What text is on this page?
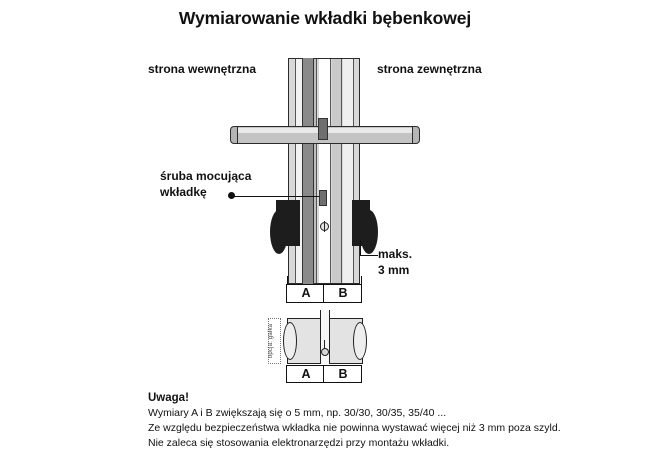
Wymiarowanie wkładki bębenkowej
strona wewnętrzna	strona zewnętrzna
śruba mocująca
wkładkę
maks.
3 mm
A	B
opcja: gałka
A	B
Uwaga!
Wymiary A i B zwiększają się o 5 mm, np. 30/30, 30/35, 35/40 ...
Ze względu bezpieczeństwa wkładka nie powinna wystawać więcej niż 3 mm poza szyld.
Nie zaleca się stosowania elektronarzędzi przy montażu wkładki.
